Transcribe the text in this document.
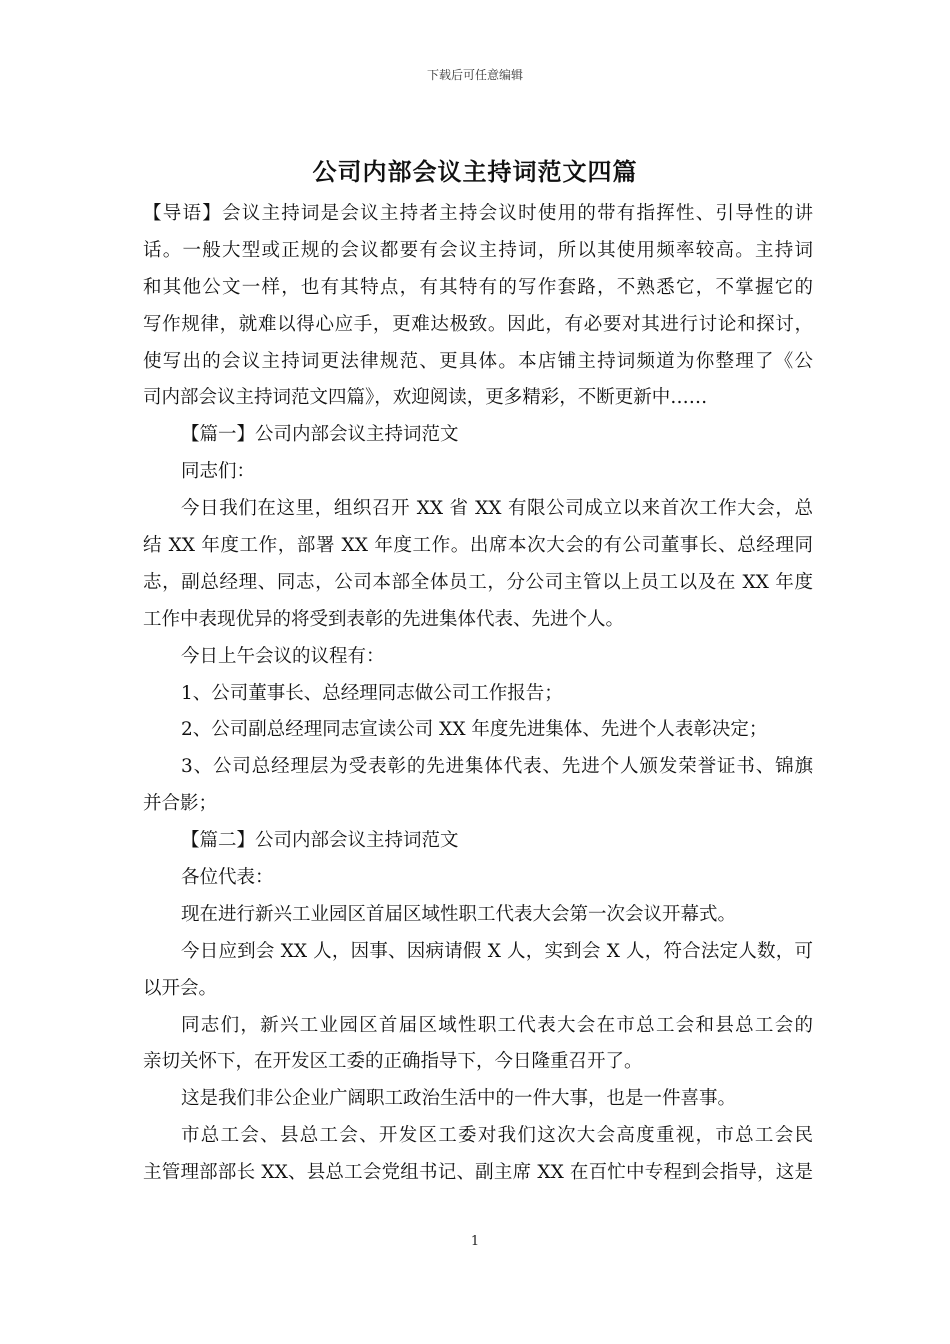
下载后可任意编辑
公司内部会议主持词范文四篇
【导语】会议主持词是会议主持者主持会议时使用的带有指挥性、引导性的讲
话。一般大型或正规的会议都要有会议主持词，所以其使用频率较高。主持词
和其他公文一样，也有其特点，有其特有的写作套路，不熟悉它，不掌握它的
写作规律，就难以得心应手，更难达极致。因此，有必要对其进行讨论和探讨，
使写出的会议主持词更法律规范、更具体。本店铺主持词频道为你整理了《公
司内部会议主持词范文四篇》，欢迎阅读，更多精彩，不断更新中……
【篇一】公司内部会议主持词范文
同志们：
今日我们在这里，组织召开 XX 省 XX 有限公司成立以来首次工作大会，总
结 XX 年度工作，部署 XX 年度工作。出席本次大会的有公司董事长、总经理同
志，副总经理、同志，公司本部全体员工，分公司主管以上员工以及在 XX 年度
工作中表现优异的将受到表彰的先进集体代表、先进个人。
今日上午会议的议程有：
1、公司董事长、总经理同志做公司工作报告；
2、公司副总经理同志宣读公司 XX 年度先进集体、先进个人表彰决定；
3、公司总经理层为受表彰的先进集体代表、先进个人颁发荣誉证书、锦旗
并合影；
【篇二】公司内部会议主持词范文
各位代表：
现在进行新兴工业园区首届区域性职工代表大会第一次会议开幕式。
今日应到会 XX 人，因事、因病请假 X 人，实到会 X 人，符合法定人数，可
以开会。
同志们，新兴工业园区首届区域性职工代表大会在市总工会和县总工会的
亲切关怀下，在开发区工委的正确指导下，今日隆重召开了。
这是我们非公企业广阔职工政治生活中的一件大事，也是一件喜事。
市总工会、县总工会、开发区工委对我们这次大会高度重视，市总工会民
主管理部部长 XX、县总工会党组书记、副主席 XX 在百忙中专程到会指导，这是
1
